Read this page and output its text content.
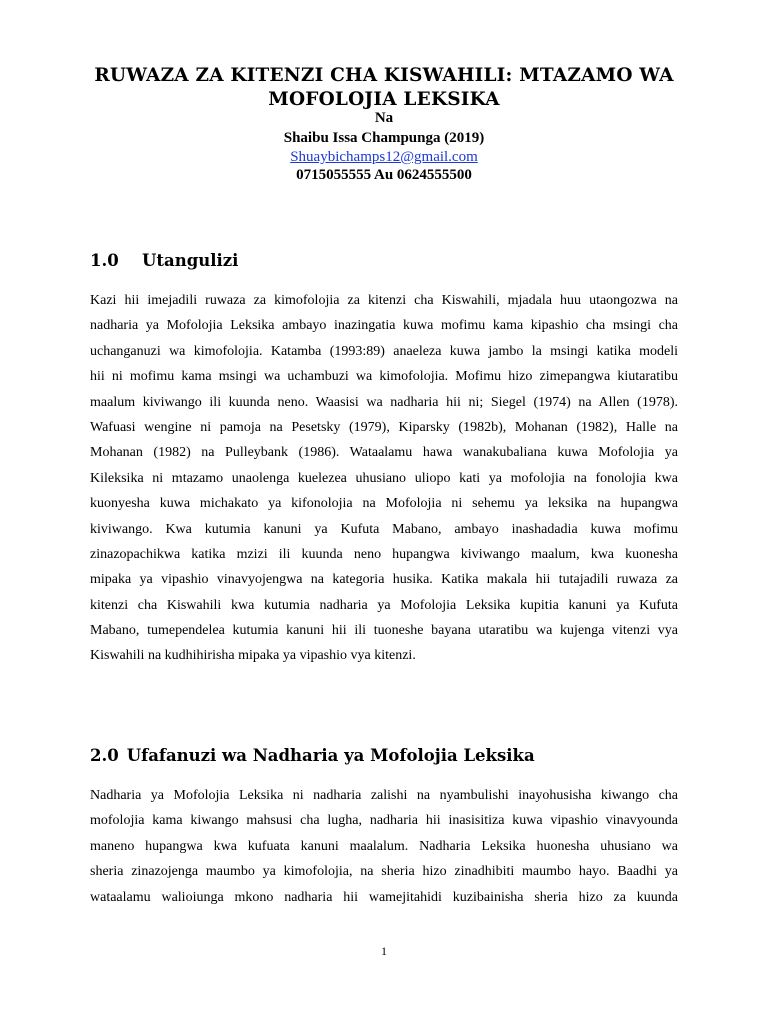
RUWAZA ZA KITENZI CHA KISWAHILI: MTAZAMO WA
MOFOLOJIA LEKSIKA

Na

Shaibu Issa Champunga (2019)

Shuaybichamps12@gmail.com

0715055555 Au 0624555500

1.0 Utangulizi
Kazi hii imejadili ruwaza za kimofolojia za kitenzi cha Kiswahili, mjadala huu utaongozwa na
nadharia ya Mofolojia Leksika ambayo inazingatia kuwa mofimu kama kipashio cha msingi cha
uchanganuzi wa kimofolojia. Katamba (1993:89) anaeleza kuwa jambo la msingi katika modeli
hii ni mofimu kama msingi wa uchambuzi wa kimofolojia. Mofimu hizo zimepangwa kiutaratibu
maalum kiviwango ili kuunda neno. Waasisi wa nadharia hii ni; Siegel (1974) na Allen (1978).
Wafuasi wengine ni pamoja na Pesetsky (1979), Kiparsky (1982b), Mohanan (1982), Halle na
Mohanan (1982) na Pulleybank (1986). Wataalamu hawa wanakubaliana kuwa Mofolojia ya
Kileksika ni mtazamo unaolenga kuelezea uhusiano uliopo kati ya mofolojia na fonolojia kwa
kuonyesha kuwa michakato ya kifonolojia na Mofolojia ni sehemu ya leksika na hupangwa
kiviwango. Kwa kutumia kanuni ya Kufuta Mabano, ambayo inashadadia kuwa mofimu
zinazopachikwa katika mzizi ili kuunda neno hupangwa kiviwango maalum, kwa kuonesha
mipaka ya vipashio vinavyojengwa na kategoria husika. Katika makala hii tutajadili ruwaza za
kitenzi cha Kiswahili kwa kutumia nadharia ya Mofolojia Leksika kupitia kanuni ya Kufuta
Mabano, tumependelea kutumia kanuni hii ili tuoneshe bayana utaratibu wa kujenga vitenzi vya
Kiswahili na kudhihirisha mipaka ya vipashio vya kitenzi.
2.0 Ufafanuzi wa Nadharia ya Mofolojia Leksika
Nadharia ya Mofolojia Leksika ni nadharia zalishi na nyambulishi inayohusisha kiwango cha
mofolojia kama kiwango mahsusi cha lugha, nadharia hii inasisitiza kuwa vipashio vinavyounda
maneno hupangwa kwa kufuata kanuni maalalum. Nadharia Leksika huonesha uhusiano wa
sheria zinazojenga maumbo ya kimofolojia, na sheria hizo zinadhibiti maumbo hayo. Baadhi ya
wataalamu walioiunga mkono nadharia hii wamejitahidi kuzibainisha sheria hizo za kuunda

1
